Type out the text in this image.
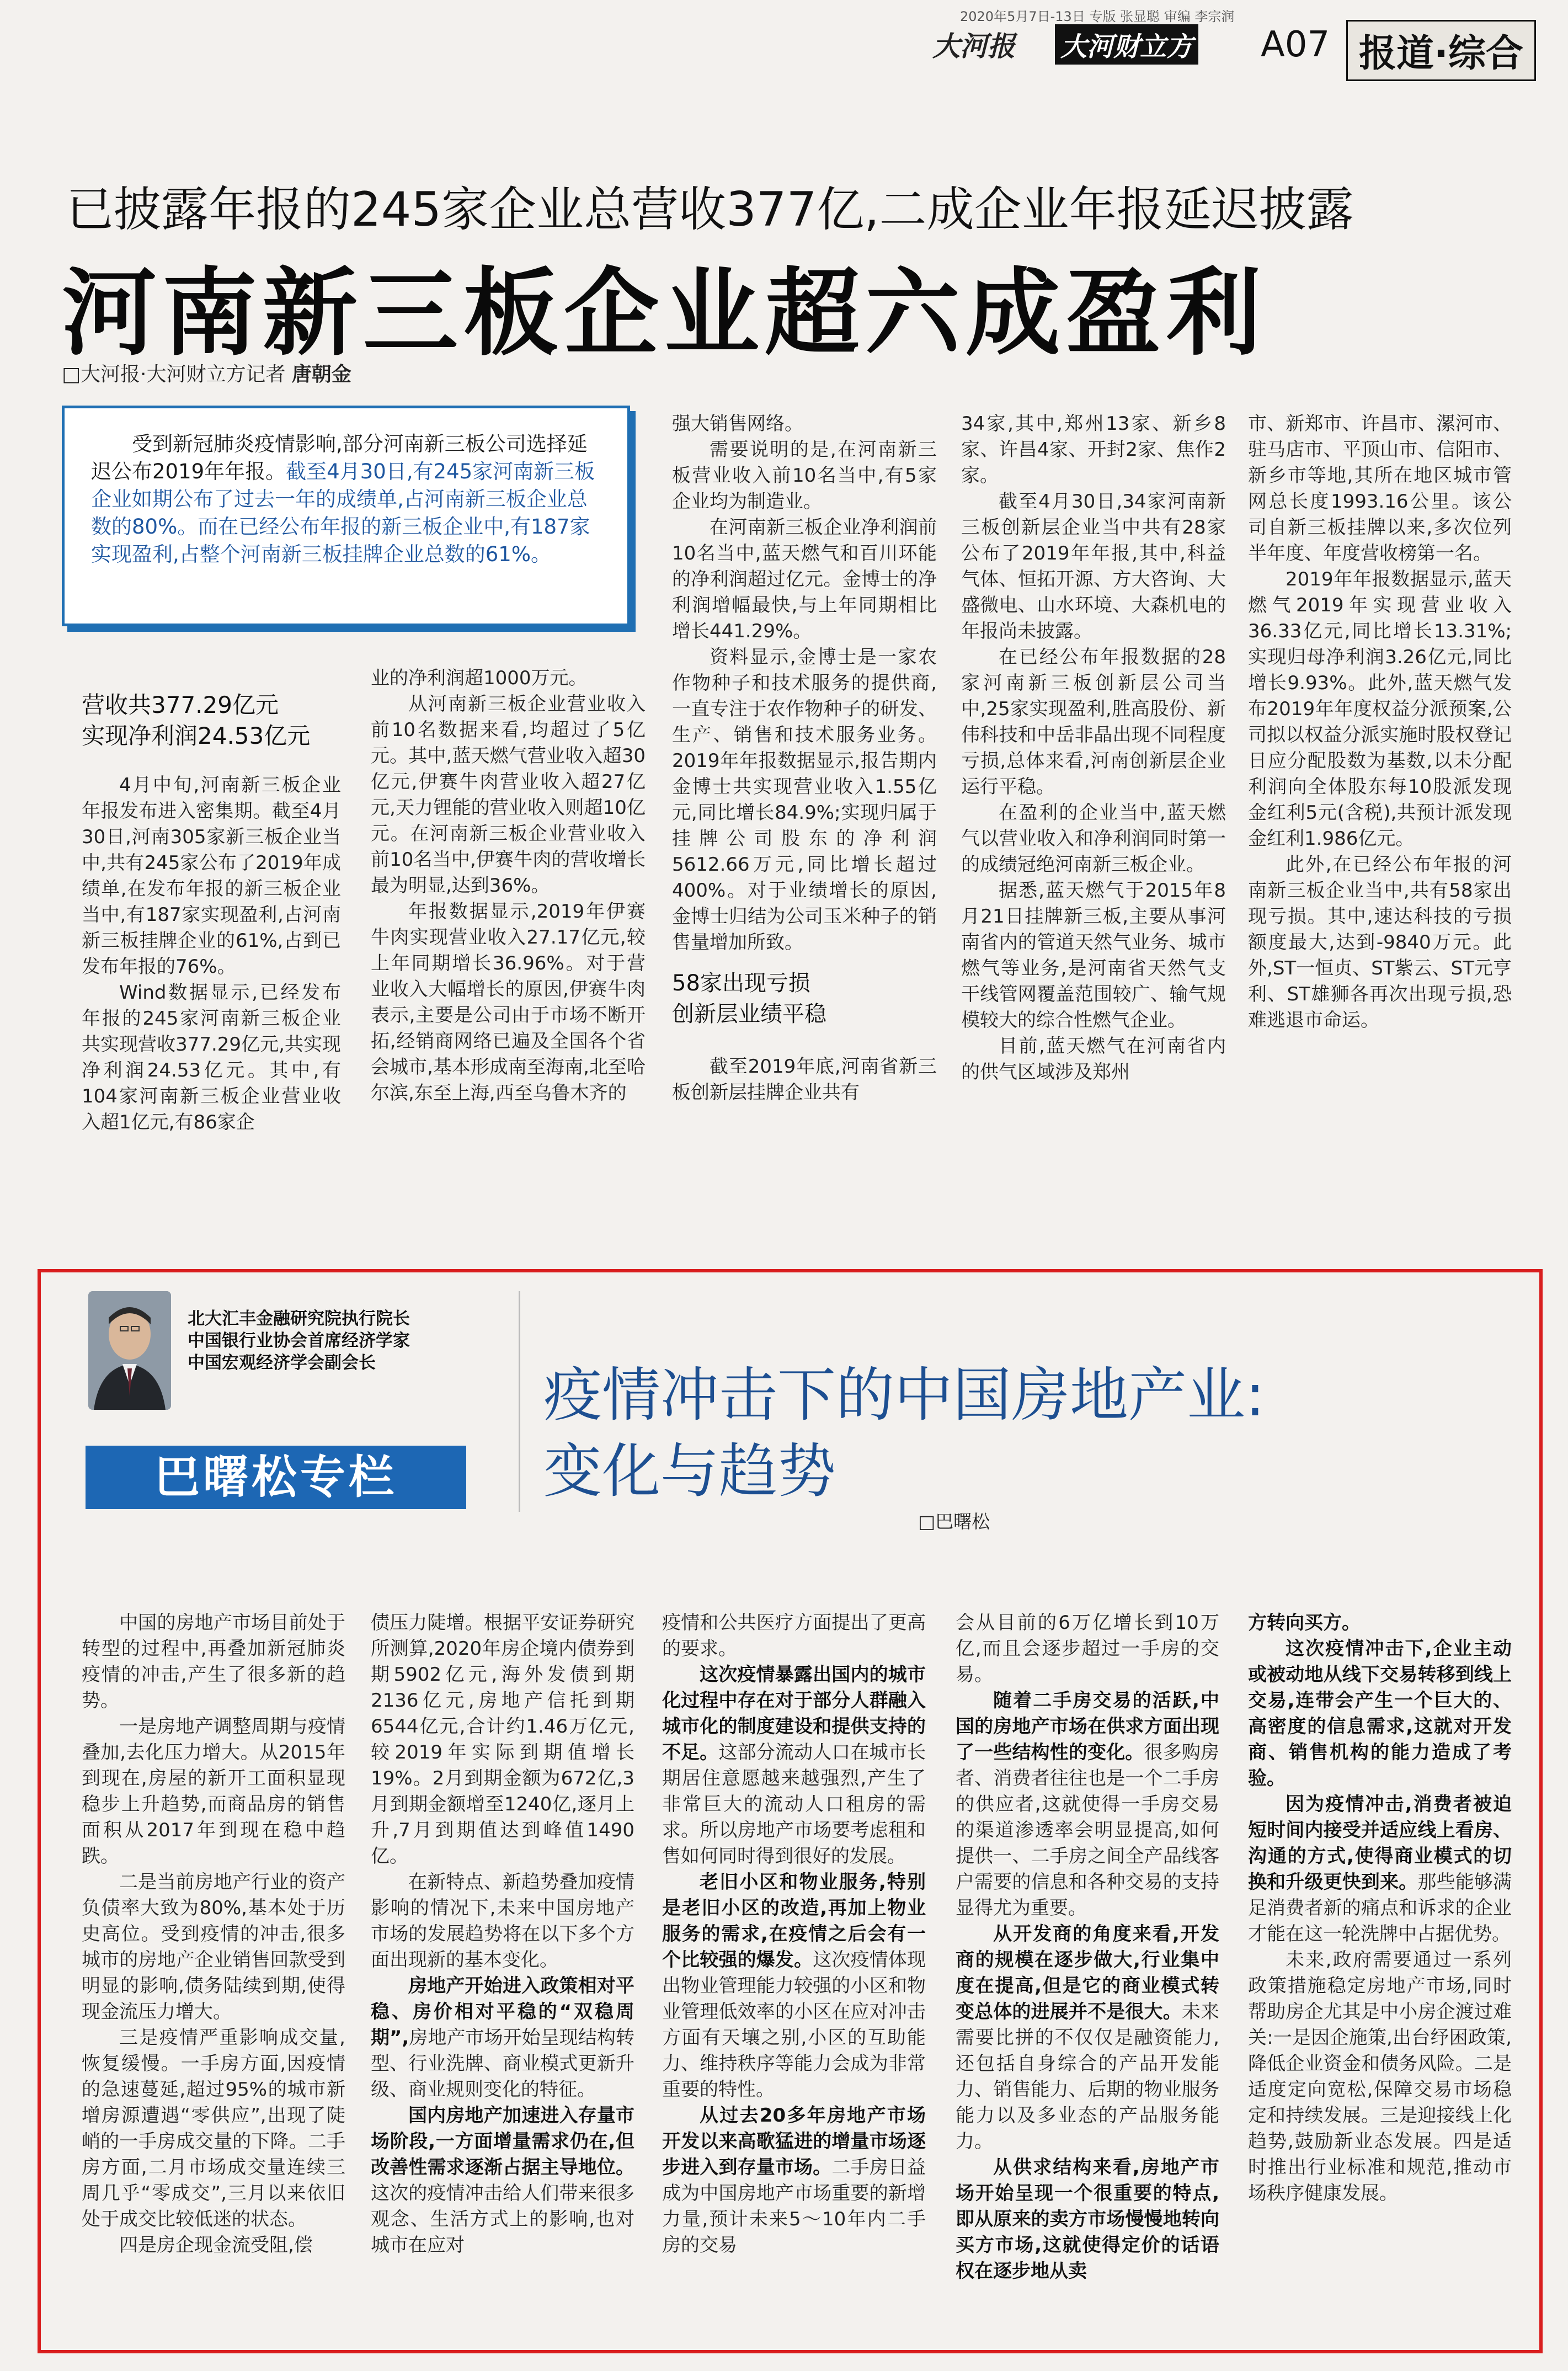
2020年5月7日-13日 专版 张显聪 审编 李宗润
大河报 大河财立方 A07 报道·综合
已披露年报的245家企业总营收377亿,二成企业年报延迟披露
河南新三板企业超六成盈利
□大河报·大河财立方记者 唐朝金
受到新冠肺炎疫情影响,部分河南新三板公司选择延迟公布2019年年报。截至4月30日,有245家河南新三板企业如期公布了过去一年的成绩单,占河南新三板企业总数的80%。而在已经公布年报的新三板企业中,有187家实现盈利,占整个河南新三板挂牌企业总数的61%。
营收共377.29亿元
实现净利润24.53亿元

4月中旬,河南新三板企业年报发布进入密集期。截至4月30日,河南305家新三板企业当中,共有245家公布了2019年成绩单,在发布年报的新三板企业当中,有187家实现盈利,占河南新三板挂牌企业的61%,占到已发布年报的76%。

Wind数据显示,已经发布年报的245家河南新三板企业共实现营收377.29亿元,共实现净利润24.53亿元。其中,有104家河南新三板企业营业收入超1亿元,有86家企

业的净利润超1000万元。

从河南新三板企业营业收入前10名数据来看,均超过了5亿元。其中,蓝天燃气营业收入超30亿元,伊赛牛肉营业收入超27亿元,天力锂能的营业收入则超10亿元。在河南新三板企业营业收入前10名当中,伊赛牛肉的营收增长最为明显,达到36%。

年报数据显示,2019年伊赛牛肉实现营业收入27.17亿元,较上年同期增长36.96%。对于营业收入大幅增长的原因,伊赛牛肉表示,主要是公司由于市场不断开拓,经销商网络已遍及全国各个省会城市,基本形成南至海南,北至哈尔滨,东至上海,西至乌鲁木齐的

强大销售网络。

需要说明的是,在河南新三板营业收入前10名当中,有5家企业均为制造业。

在河南新三板企业净利润前10名当中,蓝天燃气和百川环能的净利润超过亿元。金博士的净利润增幅最快,与上年同期相比增长441.29%。

资料显示,金博士是一家农作物种子和技术服务的提供商,一直专注于农作物种子的研发、生产、销售和技术服务业务。2019年年报数据显示,报告期内金博士共实现营业收入1.55亿元,同比增长84.9%;实现归属于挂牌公司股东的净利润5612.66万元,同比增长超过400%。对于业绩增长的原因,金博士归结为公司玉米种子的销售量增加所致。

58家出现亏损
创新层业绩平稳

截至2019年底,河南省新三板创新层挂牌企业共有

34家,其中,郑州13家、新乡8家、许昌4家、开封2家、焦作2家。

截至4月30日,34家河南新三板创新层企业当中共有28家公布了2019年年报,其中,科益气体、恒拓开源、方大咨询、大盛微电、山水环境、大森机电的年报尚未披露。

在已经公布年报数据的28家河南新三板创新层公司当中,25家实现盈利,胜高股份、新伟科技和中岳非晶出现不同程度亏损,总体来看,河南创新层企业运行平稳。

在盈利的企业当中,蓝天燃气以营业收入和净利润同时第一的成绩冠绝河南新三板企业。

据悉,蓝天燃气于2015年8月21日挂牌新三板,主要从事河南省内的管道天然气业务、城市燃气等业务,是河南省天然气支干线管网覆盖范围较广、输气规模较大的综合性燃气企业。

目前,蓝天燃气在河南省内的供气区域涉及郑州

市、新郑市、许昌市、漯河市、驻马店市、平顶山市、信阳市、新乡市等地,其所在地区城市管网总长度1993.16公里。该公司自新三板挂牌以来,多次位列半年度、年度营收榜第一名。

2019年年报数据显示,蓝天燃气2019年实现营业收入36.33亿元,同比增长13.31%;实现归母净利润3.26亿元,同比增长9.93%。此外,蓝天燃气发布2019年年度权益分派预案,公司拟以权益分派实施时股权登记日应分配股数为基数,以未分配利润向全体股东每10股派发现金红利5元(含税),共预计派发现金红利1.986亿元。

此外,在已经公布年报的河南新三板企业当中,共有58家出现亏损。其中,速达科技的亏损额度最大,达到-9840万元。此外,ST一恒贞、ST紫云、ST元亨利、ST雄狮各再次出现亏损,恐难逃退市命运。

北大汇丰金融研究院执行院长
中国银行业协会首席经济学家
中国宏观经济学会副会长
巴曙松专栏
疫情冲击下的中国房地产业:
变化与趋势
□巴曙松

中国的房地产市场目前处于转型的过程中,再叠加新冠肺炎疫情的冲击,产生了很多新的趋势。

一是房地产调整周期与疫情叠加,去化压力增大。从2015年到现在,房屋的新开工面积显现稳步上升趋势,而商品房的销售面积从2017年到现在稳中趋跌。

二是当前房地产行业的资产负债率大致为80%,基本处于历史高位。受到疫情的冲击,很多城市的房地产企业销售回款受到明显的影响,债务陆续到期,使得现金流压力增大。

三是疫情严重影响成交量,恢复缓慢。一手房方面,因疫情的急速蔓延,超过95%的城市新增房源遭遇“零供应”,出现了陡峭的一手房成交量的下降。二手房方面,二月市场成交量连续三周几乎“零成交”,三月以来依旧处于成交比较低迷的状态。

四是房企现金流受阻,偿

债压力陡增。根据平安证券研究所测算,2020年房企境内债券到期5902亿元,海外发债到期2136亿元,房地产信托到期6544亿元,合计约1.46万亿元,较2019年实际到期值增长19%。2月到期金额为672亿,3月到期金额增至1240亿,逐月上升,7月到期值达到峰值1490亿。

在新特点、新趋势叠加疫情影响的情况下,未来中国房地产市场的发展趋势将在以下多个方面出现新的基本变化。

房地产开始进入政策相对平稳、房价相对平稳的“双稳周期”,房地产市场开始呈现结构转型、行业洗牌、商业模式更新升级、商业规则变化的特征。

国内房地产加速进入存量市场阶段,一方面增量需求仍在,但改善性需求逐渐占据主导地位。这次的疫情冲击给人们带来很多观念、生活方式上的影响,也对城市在应对

疫情和公共医疗方面提出了更高的要求。

这次疫情暴露出国内的城市化过程中存在对于部分人群融入城市化的制度建设和提供支持的不足。这部分流动人口在城市长期居住意愿越来越强烈,产生了非常巨大的流动人口租房的需求。所以房地产市场要考虑租和售如何同时得到很好的发展。

老旧小区和物业服务,特别是老旧小区的改造,再加上物业服务的需求,在疫情之后会有一个比较强的爆发。这次疫情体现出物业管理能力较强的小区和物业管理低效率的小区在应对冲击方面有天壤之别,小区的互助能力、维持秩序等能力会成为非常重要的特性。

从过去20多年房地产市场开发以来高歌猛进的增量市场逐步进入到存量市场。二手房日益成为中国房地产市场重要的新增力量,预计未来5～10年内二手房的交易

会从目前的6万亿增长到10万亿,而且会逐步超过一手房的交易。

随着二手房交易的活跃,中国的房地产市场在供求方面出现了一些结构性的变化。很多购房者、消费者往往也是一个二手房的供应者,这就使得一手房交易的渠道渗透率会明显提高,如何提供一、二手房之间全产品线客户需要的信息和各种交易的支持显得尤为重要。

从开发商的角度来看,开发商的规模在逐步做大,行业集中度在提高,但是它的商业模式转变总体的进展并不是很大。未来需要比拼的不仅仅是融资能力,还包括自身综合的产品开发能力、销售能力、后期的物业服务能力以及多业态的产品服务能力。

从供求结构来看,房地产市场开始呈现一个很重要的特点,即从原来的卖方市场慢慢地转向买方市场,这就使得定价的话语权在逐步地从卖

方转向买方。

这次疫情冲击下,企业主动或被动地从线下交易转移到线上交易,连带会产生一个巨大的、高密度的信息需求,这就对开发商、销售机构的能力造成了考验。

因为疫情冲击,消费者被迫短时间内接受并适应线上看房、沟通的方式,使得商业模式的切换和升级更快到来。那些能够满足消费者新的痛点和诉求的企业才能在这一轮洗牌中占据优势。

未来,政府需要通过一系列政策措施稳定房地产市场,同时帮助房企尤其是中小房企渡过难关:一是因企施策,出台纾困政策,降低企业资金和债务风险。二是适度定向宽松,保障交易市场稳定和持续发展。三是迎接线上化趋势,鼓励新业态发展。四是适时推出行业标准和规范,推动市场秩序健康发展。
